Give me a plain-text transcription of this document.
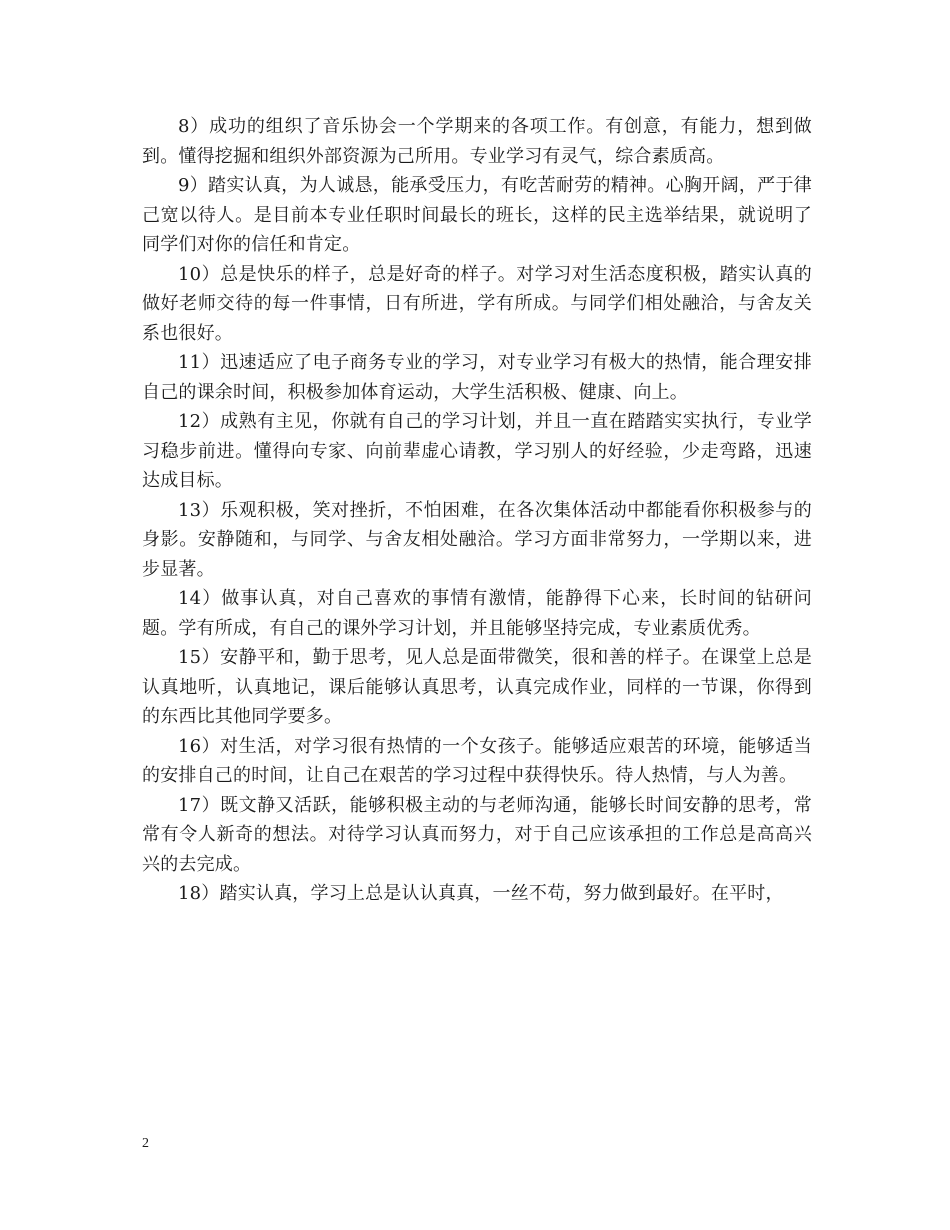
8）成功的组织了音乐协会一个学期来的各项工作。有创意，有能力，想到做到。懂得挖掘和组织外部资源为己所用。专业学习有灵气，综合素质高。

9）踏实认真，为人诚恳，能承受压力，有吃苦耐劳的精神。心胸开阔，严于律己宽以待人。是目前本专业任职时间最长的班长，这样的民主选举结果，就说明了同学们对你的信任和肯定。

10）总是快乐的样子，总是好奇的样子。对学习对生活态度积极，踏实认真的做好老师交待的每一件事情，日有所进，学有所成。与同学们相处融洽，与舍友关系也很好。

11）迅速适应了电子商务专业的学习，对专业学习有极大的热情，能合理安排自己的课余时间，积极参加体育运动，大学生活积极、健康、向上。

12）成熟有主见，你就有自己的学习计划，并且一直在踏踏实实执行，专业学习稳步前进。懂得向专家、向前辈虚心请教，学习别人的好经验，少走弯路，迅速达成目标。

13）乐观积极，笑对挫折，不怕困难，在各次集体活动中都能看你积极参与的身影。安静随和，与同学、与舍友相处融洽。学习方面非常努力，一学期以来，进步显著。

14）做事认真，对自己喜欢的事情有激情，能静得下心来，长时间的钻研问题。学有所成，有自己的课外学习计划，并且能够坚持完成，专业素质优秀。

15）安静平和，勤于思考，见人总是面带微笑，很和善的样子。在课堂上总是认真地听，认真地记，课后能够认真思考，认真完成作业，同样的一节课，你得到的东西比其他同学要多。

16）对生活，对学习很有热情的一个女孩子。能够适应艰苦的环境，能够适当的安排自己的时间，让自己在艰苦的学习过程中获得快乐。待人热情，与人为善。

17）既文静又活跃，能够积极主动的与老师沟通，能够长时间安静的思考，常常有令人新奇的想法。对待学习认真而努力，对于自己应该承担的工作总是高高兴兴的去完成。

18）踏实认真，学习上总是认认真真，一丝不苟，努力做到最好。在平时，

2
